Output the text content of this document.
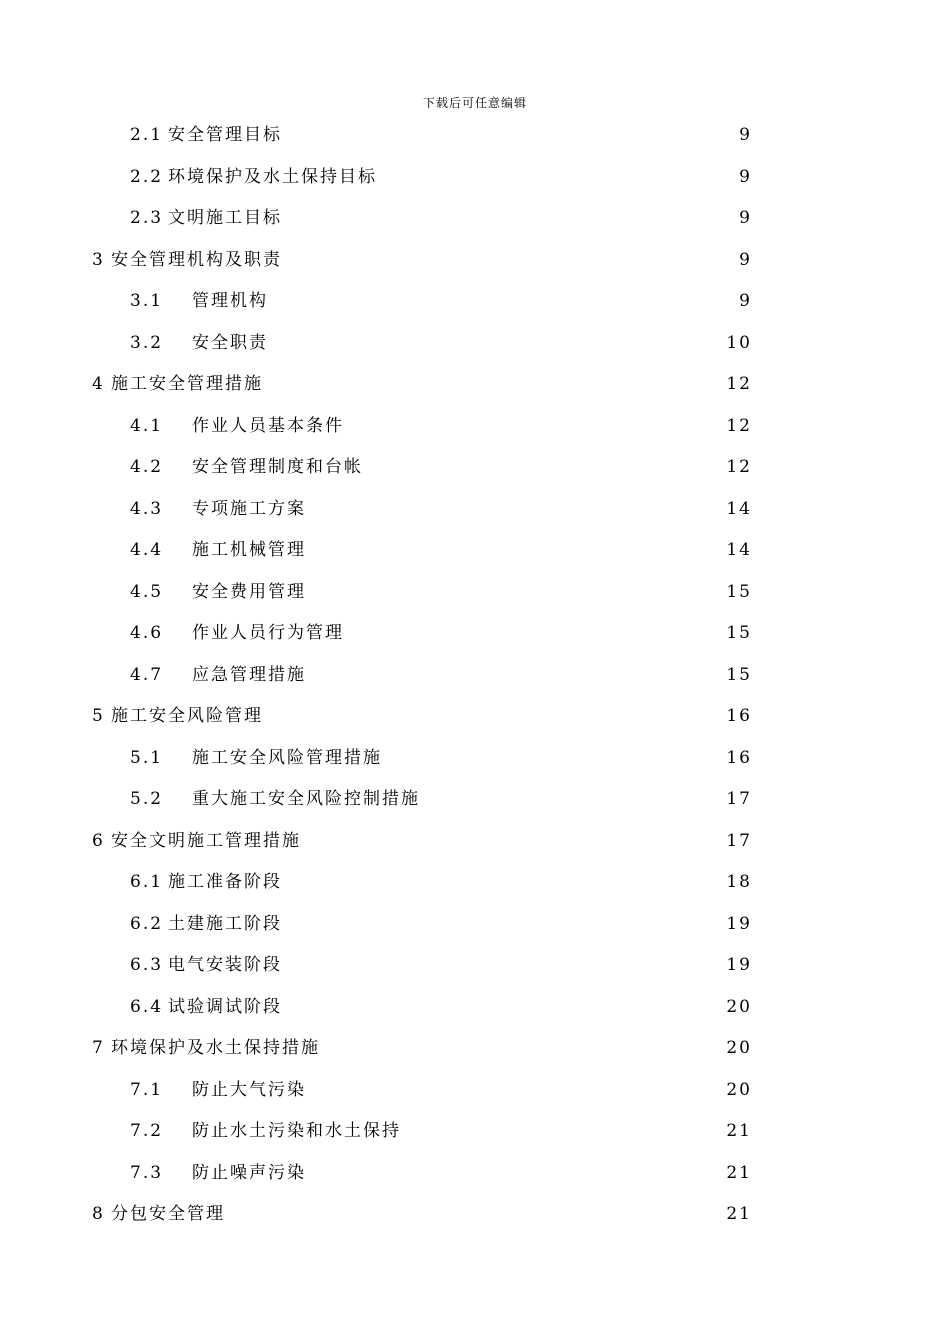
下载后可任意编辑
2.1 安全管理目标	9
2.2 环境保护及水土保持目标	9
2.3 文明施工目标	9
3 安全管理机构及职责	9
3.1 管理机构	9
3.2 安全职责	10
4 施工安全管理措施	12
4.1 作业人员基本条件	12
4.2 安全管理制度和台帐	12
4.3 专项施工方案	14
4.4 施工机械管理	14
4.5 安全费用管理	15
4.6 作业人员行为管理	15
4.7 应急管理措施	15
5 施工安全风险管理	16
5.1 施工安全风险管理措施	16
5.2 重大施工安全风险控制措施	17
6 安全文明施工管理措施	17
6.1 施工准备阶段	18
6.2 土建施工阶段	19
6.3 电气安装阶段	19
6.4 试验调试阶段	20
7 环境保护及水土保持措施	20
7.1 防止大气污染	20
7.2 防止水土污染和水土保持	21
7.3 防止噪声污染	21
8 分包安全管理	21
